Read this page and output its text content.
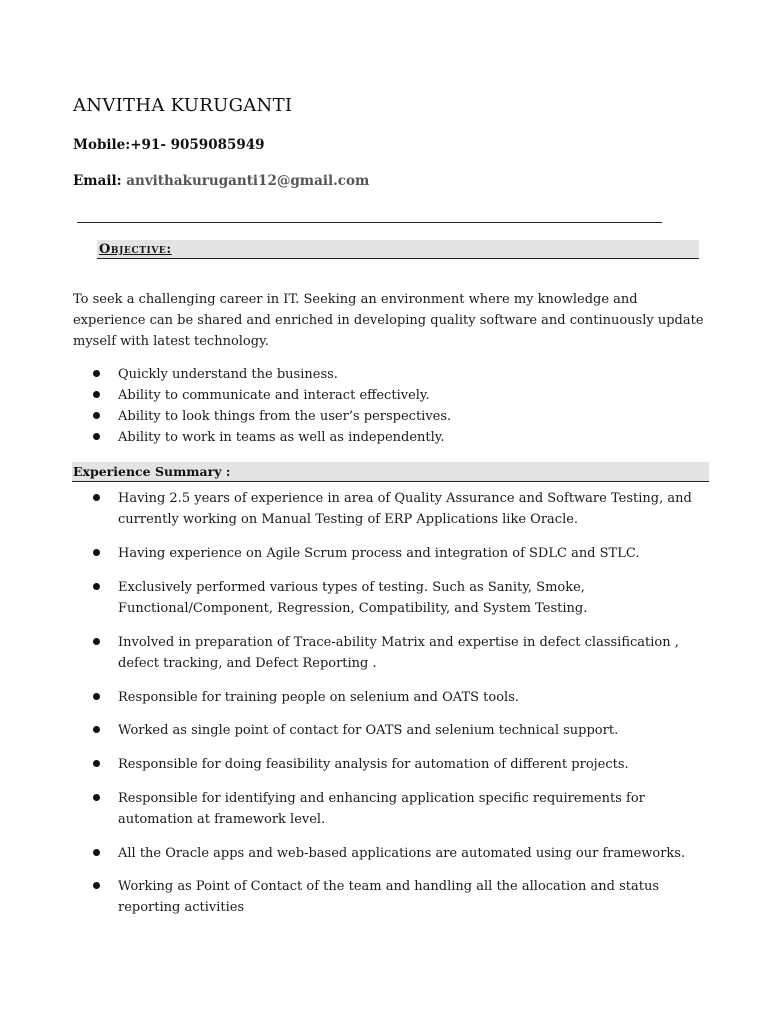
ANVITHA KURUGANTI
Mobile:+91- 9059085949
Email: anvithakuruganti12@gmail.com
Objective:
To seek a challenging career in IT. Seeking an environment where my knowledge and experience can be shared and enriched in developing quality software and continuously update myself with latest technology.
Quickly understand the business.
Ability to communicate and interact effectively.
Ability to look things from the user’s perspectives.
Ability to work in teams as well as independently.
Experience Summary :
Having 2.5 years of experience in area of Quality Assurance and Software Testing, and currently working on Manual Testing of ERP Applications like Oracle.
Having experience on Agile Scrum process and integration of SDLC and STLC.
Exclusively performed various types of testing. Such as Sanity, Smoke, Functional/Component, Regression, Compatibility, and System Testing.
Involved in preparation of Trace-ability Matrix and expertise in defect classification , defect tracking, and Defect Reporting .
Responsible for training people on selenium and OATS tools.
Worked as single point of contact for OATS and selenium technical support.
Responsible for doing feasibility analysis for automation of different projects.
Responsible for identifying and enhancing application specific requirements for automation at framework level.
All the Oracle apps and web-based applications are automated using our frameworks.
Working as Point of Contact of the team and handling all the allocation and status reporting activities
